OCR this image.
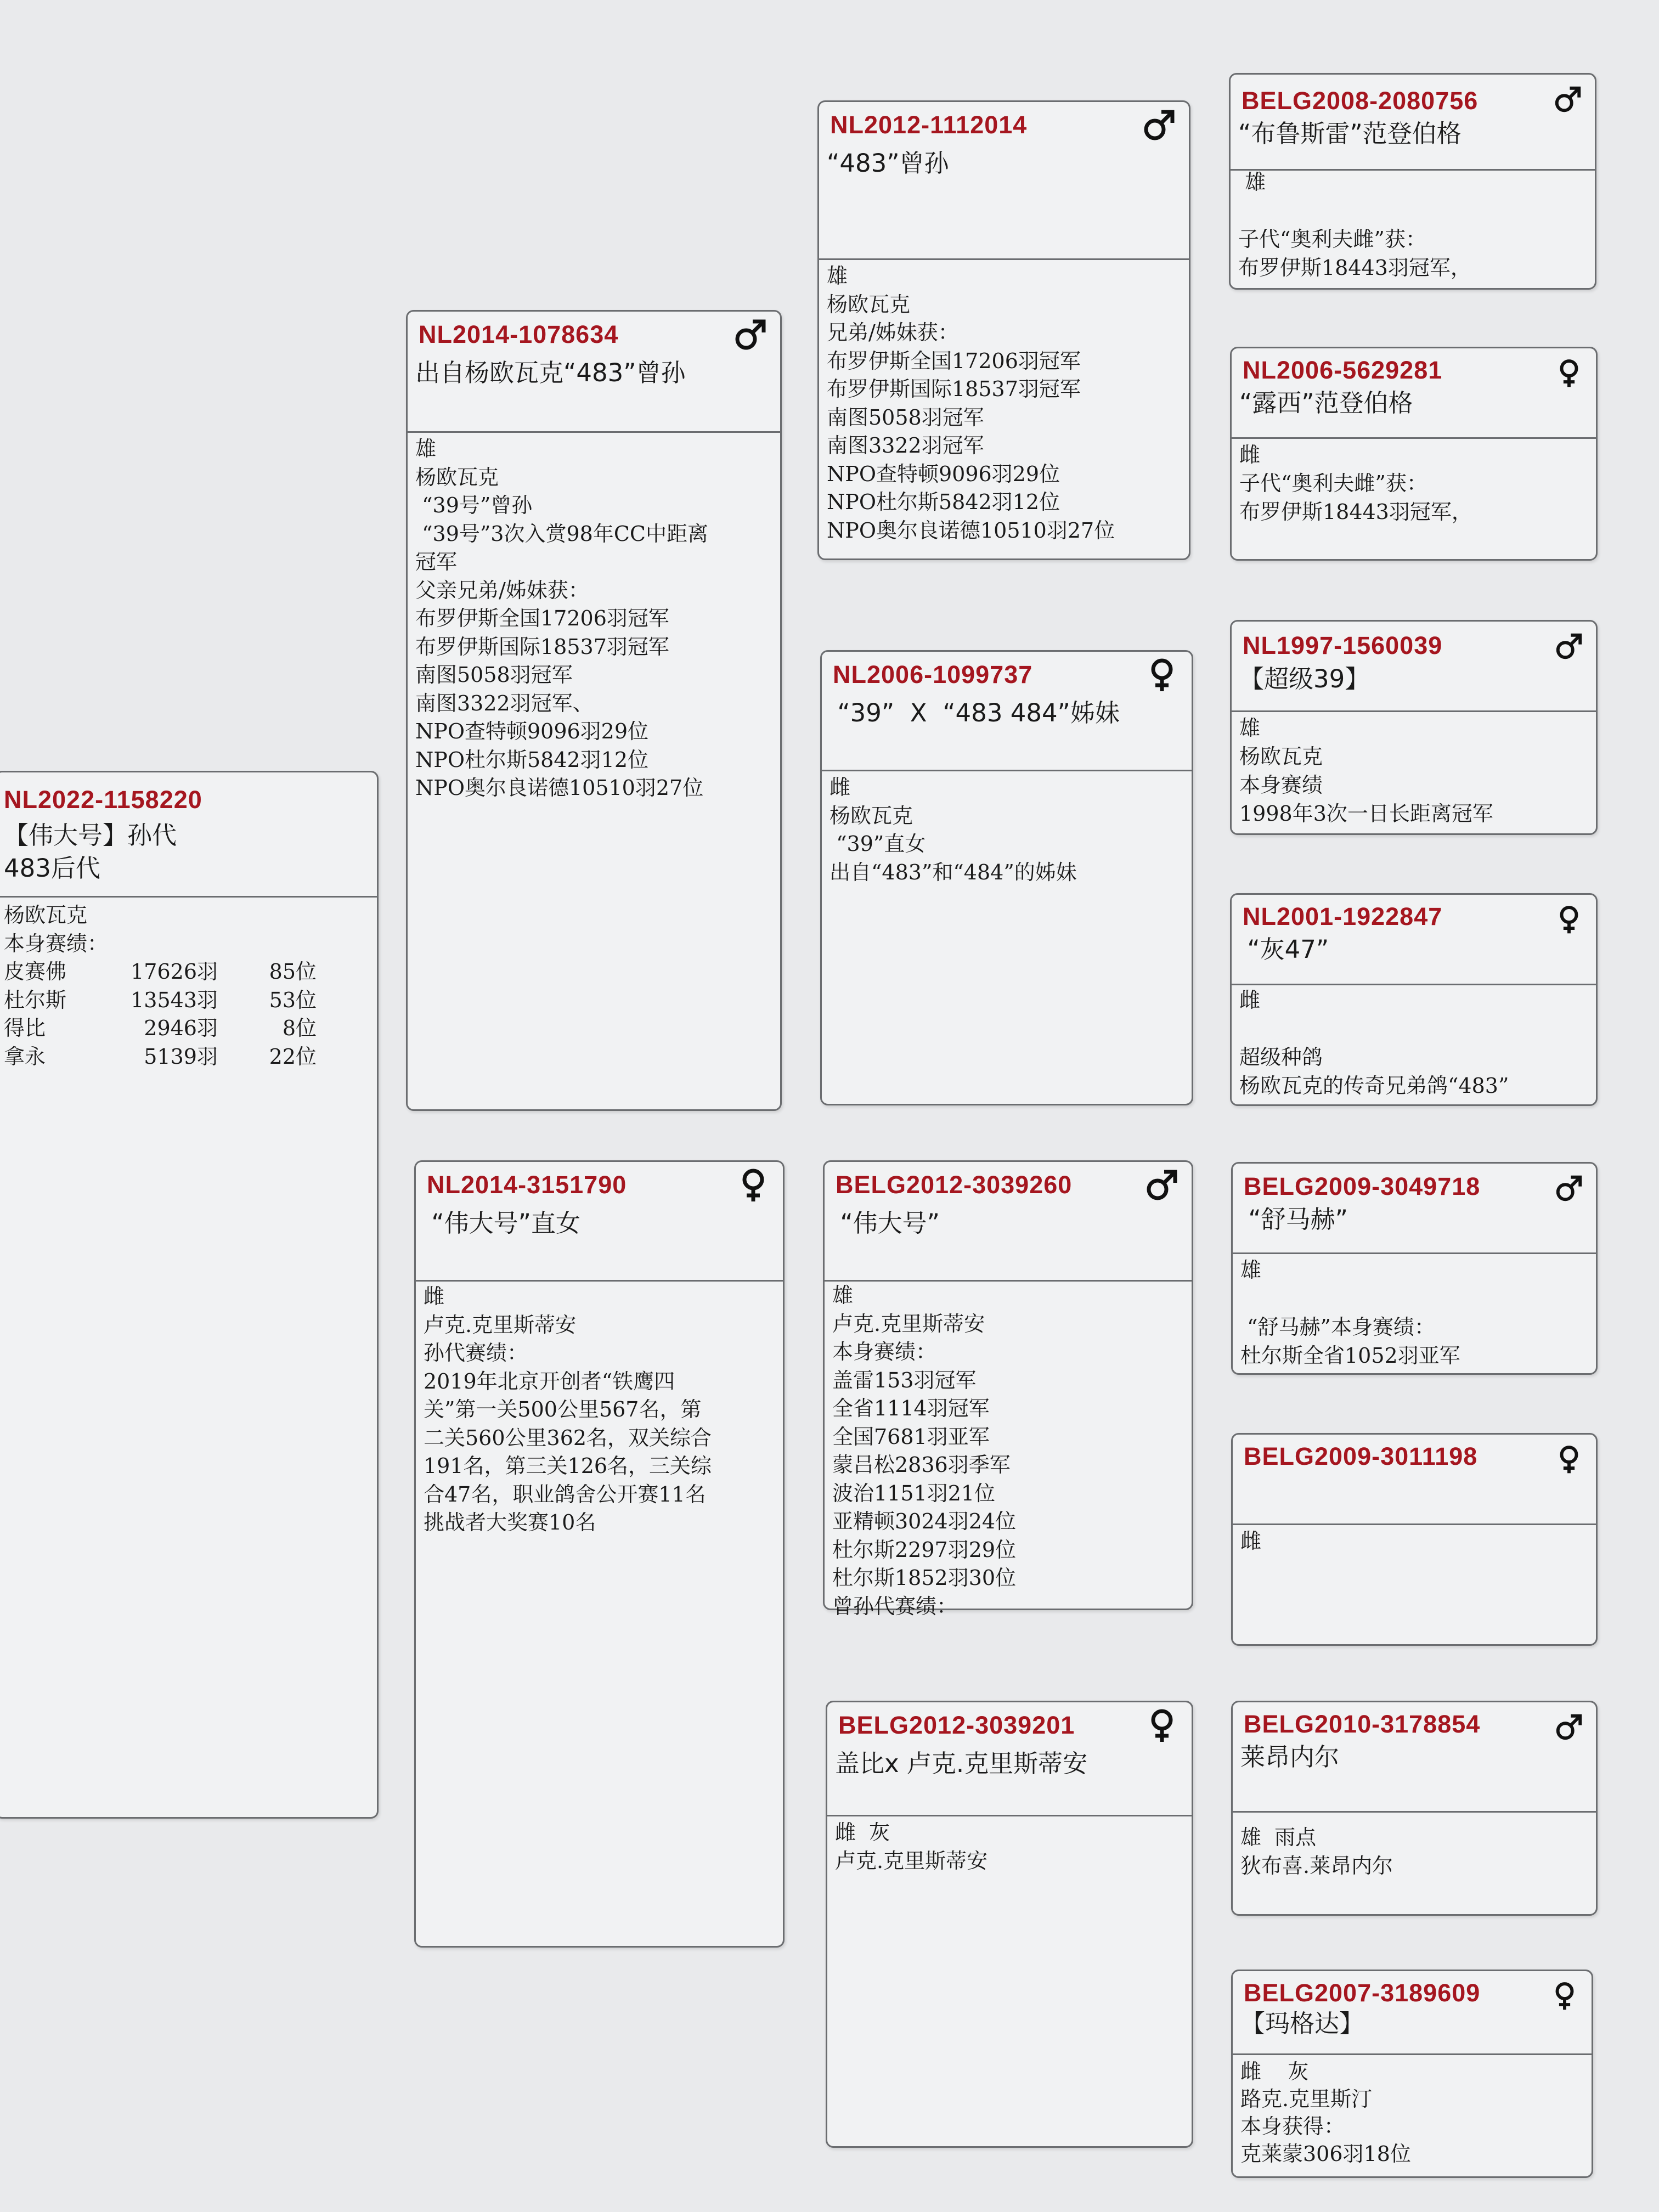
NL2022-1158220
【伟大号】孙代
483后代
杨欧瓦克
本身赛绩：
皮赛佛	17626羽	85位
杜尔斯	13543羽	53位
得比	2946羽	8位
拿永	5139羽	22位
NL2014-1078634
出自杨欧瓦克“483”曾孙
雄
杨欧瓦克
“39号”曾孙
“39号”3次入赏98年CC中距离
冠军
父亲兄弟/姊妹获：
布罗伊斯全国17206羽冠军
布罗伊斯国际18537羽冠军
南图5058羽冠军
南图3322羽冠军、
NPO查特顿9096羽29位
NPO杜尔斯5842羽12位
NPO奥尔良诺德10510羽27位
NL2014-3151790
“伟大号”直女
雌
卢克.克里斯蒂安
孙代赛绩：
2019年北京开创者“铁鹰四
关”第一关500公里567名，第
二关560公里362名，双关综合
191名，第三关126名，三关综
合47名，职业鸽舍公开赛11名
挑战者大奖赛10名
NL2012-1112014
“483”曾孙
雄
杨欧瓦克
兄弟/姊妹获：
布罗伊斯全国17206羽冠军
布罗伊斯国际18537羽冠军
南图5058羽冠军
南图3322羽冠军
NPO查特顿9096羽29位
NPO杜尔斯5842羽12位
NPO奥尔良诺德10510羽27位
NL2006-1099737
“39”  X  “483 484”姊妹
雌
杨欧瓦克
“39”直女
出自“483”和“484”的姊妹
BELG2012-3039260
“伟大号”
雄
卢克.克里斯蒂安
本身赛绩：
盖雷153羽冠军
全省1114羽冠军
全国7681羽亚军
蒙吕松2836羽季军
波治1151羽21位
亚精顿3024羽24位
杜尔斯2297羽29位
杜尔斯1852羽30位
曾孙代赛绩：
BELG2012-3039201
盖比x 卢克.克里斯蒂安
雌  灰
卢克.克里斯蒂安
BELG2008-2080756
“布鲁斯雷”范登伯格
雄

子代“奥利夫雌”获：
布罗伊斯18443羽冠军，
NL2006-5629281
“露西”范登伯格
雌
子代“奥利夫雌”获：
布罗伊斯18443羽冠军，
NL1997-1560039
【超级39】
雄
杨欧瓦克
本身赛绩
1998年3次一日长距离冠军
NL2001-1922847
“灰47”
雌

超级种鸽
杨欧瓦克的传奇兄弟鸽“483”
BELG2009-3049718
“舒马赫”
雄

“舒马赫”本身赛绩：
杜尔斯全省1052羽亚军
BELG2009-3011198
雌
BELG2010-3178854
莱昂内尔
雄  雨点
狄布喜.莱昂内尔
BELG2007-3189609
【玛格达】
雌    灰
路克.克里斯汀
本身获得：
克莱蒙306羽18位
